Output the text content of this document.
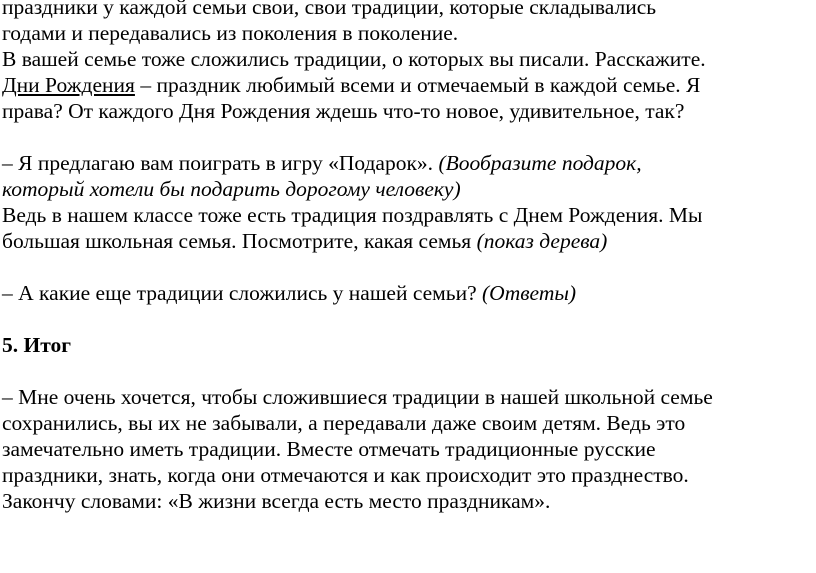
праздники у каждой семьи свои, свои традиции, которые складывались
годами и передавались из поколения в поколение.
В вашей семье тоже сложились традиции, о которых вы писали. Расскажите.
Дни Рождения – праздник любимый всеми и отмечаемый в каждой семье. Я
права? От каждого Дня Рождения ждешь что-то новое, удивительное, так?
– Я предлагаю вам поиграть в игру «Подарок». (Вообразите подарок,
который хотели бы подарить дорогому человеку)
Ведь в нашем классе тоже есть традиция поздравлять с Днем Рождения. Мы
большая школьная семья. Посмотрите, какая семья (показ дерева)
– А какие еще традиции сложились у нашей семьи? (Ответы)
5. Итог
– Мне очень хочется, чтобы сложившиеся традиции в нашей школьной семье
сохранились, вы их не забывали, а передавали даже своим детям. Ведь это
замечательно иметь традиции. Вместе отмечать традиционные русские
праздники, знать, когда они отмечаются и как происходит это празднество.
Закончу словами: «В жизни всегда есть место праздникам».
